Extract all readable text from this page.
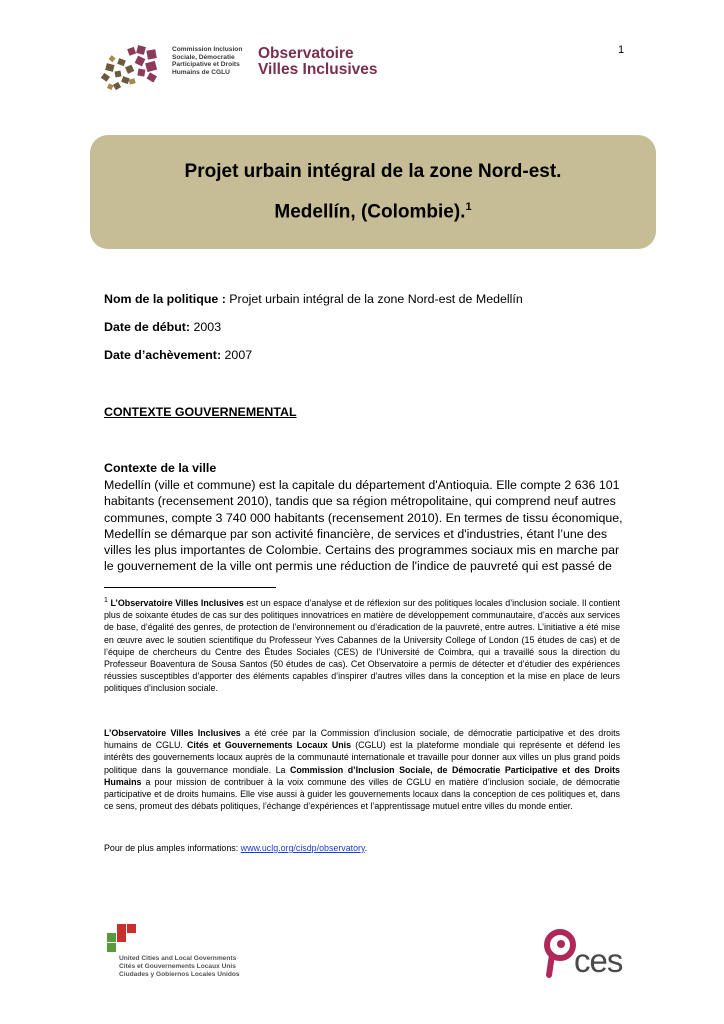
1
Commission Inclusion
Sociale, Démocratie
Participative et Droits
Humains de CGLU
Observatoire
Villes Inclusives
Projet urbain intégral de la zone Nord-est.
Medellín, (Colombie).$^1$
Nom de la politique : Projet urbain intégral de la zone Nord-est de Medellín
Date de début: 2003
Date d’achèvement: 2007
CONTEXTE GOUVERNEMENTAL
Contexte de la ville
Medellín (ville et commune) est la capitale du département d'Antioquia. Elle compte 2 636 101
habitants (recensement 2010), tandis que sa région métropolitaine, qui comprend neuf autres
communes, compte 3 740 000 habitants (recensement 2010). En termes de tissu économique,
Medellín se démarque par son activité financière, de services et d'industries, étant l’une des
villes les plus importantes de Colombie. Certains des programmes sociaux mis en marche par
le gouvernement de la ville ont permis une réduction de l'indice de pauvreté qui est passé de
$^1$ L’Observatoire Villes Inclusives est un espace d’analyse et de réflexion sur des politiques locales d’inclusion sociale. Il contient plus de soixante études de cas sur des politiques innovatrices en matière de développement communautaire, d’accès aux services de base, d’égalité des genres, de protection de l’environnement ou d’éradication de la pauvreté, entre autres. L’initiative a été mise en œuvre avec le soutien scientifique du Professeur Yves Cabannes de la University College of London (15 études de cas) et de l’équipe de chercheurs du Centre des Études Sociales (CES) de l’Université de Coimbra, qui a travaillé sous la direction du Professeur Boaventura de Sousa Santos (50 études de cas). Cet Observatoire a permis de détecter et d’étudier des expériences réussies susceptibles d’apporter des éléments capables d’inspirer d’autres villes dans la conception et la mise en place de leurs politiques d’inclusion sociale.
L’Observatoire Villes Inclusives a été crée par la Commission d’inclusion sociale, de démocratie participative et des droits humains de CGLU. Cités et Gouvernements Locaux Unis (CGLU) est la plateforme mondiale qui représente et défend les intérêts des gouvernements locaux auprès de la communauté internationale et travaille pour donner aux villes un plus grand poids politique dans la gouvernance mondiale. La Commission d’Inclusion Sociale, de Démocratie Participative et des Droits Humains a pour mission de contribuer à la voix commune des villes de CGLU en matière d’inclusion sociale, de démocratie participative et de droits humains. Elle vise aussi à guider les gouvernements locaux dans la conception de ces politiques et, dans ce sens, promeut des débats politiques, l’échange d’expériences et l’apprentissage mutuel entre villes du monde entier.
Pour de plus amples informations: www.uclg.org/cisdp/observatory.
United Cities and Local Governments
Cités et Gouvernements Locaux Unis
Ciudades y Gobiernos Locales Unidos	ces
